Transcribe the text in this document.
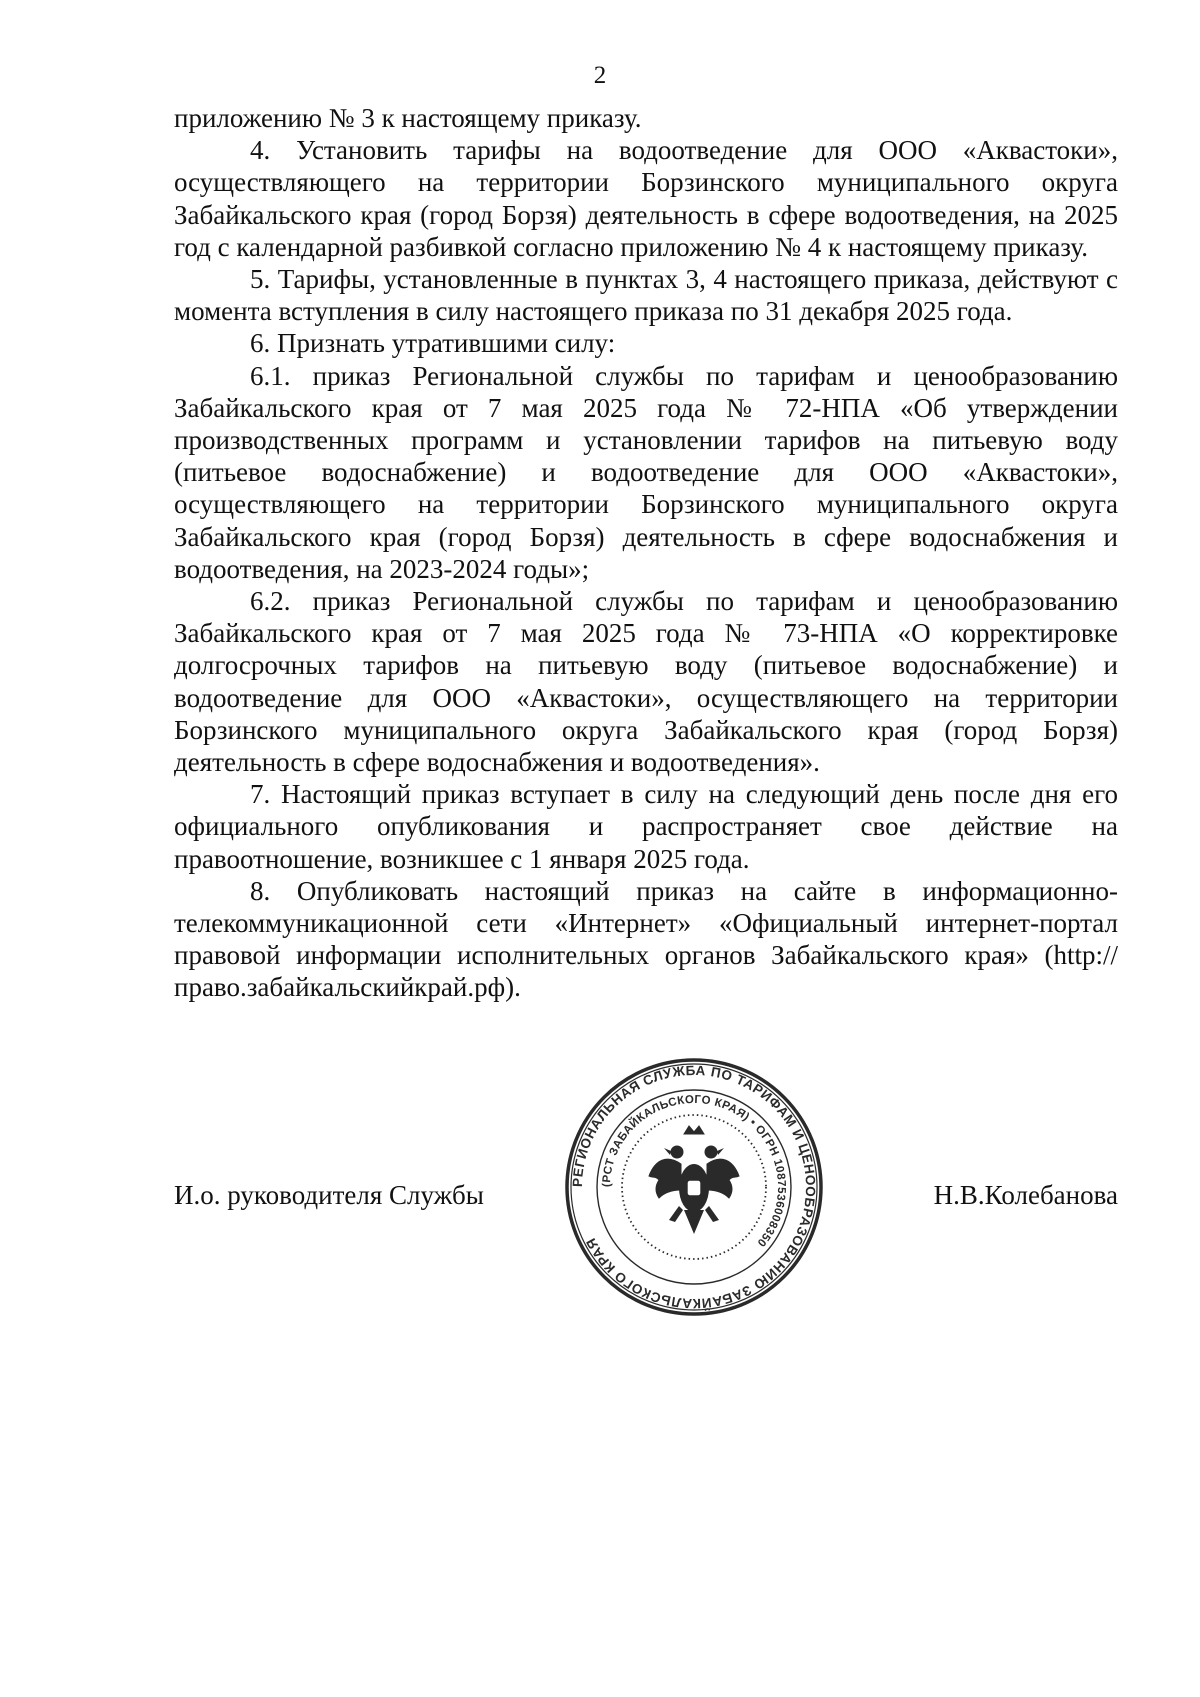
2

приложению № 3 к настоящему приказу.

4. Установить тарифы на водоотведение для ООО «Аквастоки», осуществляющего на территории Борзинского муниципального округа Забайкальского края (город Борзя) деятельность в сфере водоотведения, на 2025 год с календарной разбивкой согласно приложению № 4 к настоящему приказу.

5. Тарифы, установленные в пунктах 3, 4 настоящего приказа, действуют с момента вступления в силу настоящего приказа по 31 декабря 2025 года.

6. Признать утратившими силу:

6.1. приказ Региональной службы по тарифам и ценообразованию Забайкальского края от 7 мая 2025 года № 72-НПА «Об утверждении производственных программ и установлении тарифов на питьевую воду (питьевое водоснабжение) и водоотведение для ООО «Аквастоки», осуществляющего на территории Борзинского муниципального округа Забайкальского края (город Борзя) деятельность в сфере водоснабжения и водоотведения, на 2023-2024 годы»;

6.2. приказ Региональной службы по тарифам и ценообразованию Забайкальского края от 7 мая 2025 года № 73-НПА «О корректировке долгосрочных тарифов на питьевую воду (питьевое водоснабжение) и водоотведение для ООО «Аквастоки», осуществляющего на территории Борзинского муниципального округа Забайкальского края (город Борзя) деятельность в сфере водоснабжения и водоотведения».

7. Настоящий приказ вступает в силу на следующий день после дня его официального опубликования и распространяет свое действие на правоотношение, возникшее с 1 января 2025 года.

8. Опубликовать настоящий приказ на сайте в информационно-телекоммуникационной сети «Интернет» «Официальный интернет-портал правовой информации исполнительных органов Забайкальского края» (http://право.забайкальскийкрай.рф).

И.о. руководителя Службы	Н.В.Колебанова
РЕГИОНАЛЬНАЯ СЛУЖБА ПО ТАРИФАМ И ЦЕНООБРАЗОВАНИЮ ЗАБАЙКАЛЬСКОГО КРАЯ
(РСТ ЗАБАЙКАЛЬСКОГО КРАЯ) • ОГРН 1087536008350
